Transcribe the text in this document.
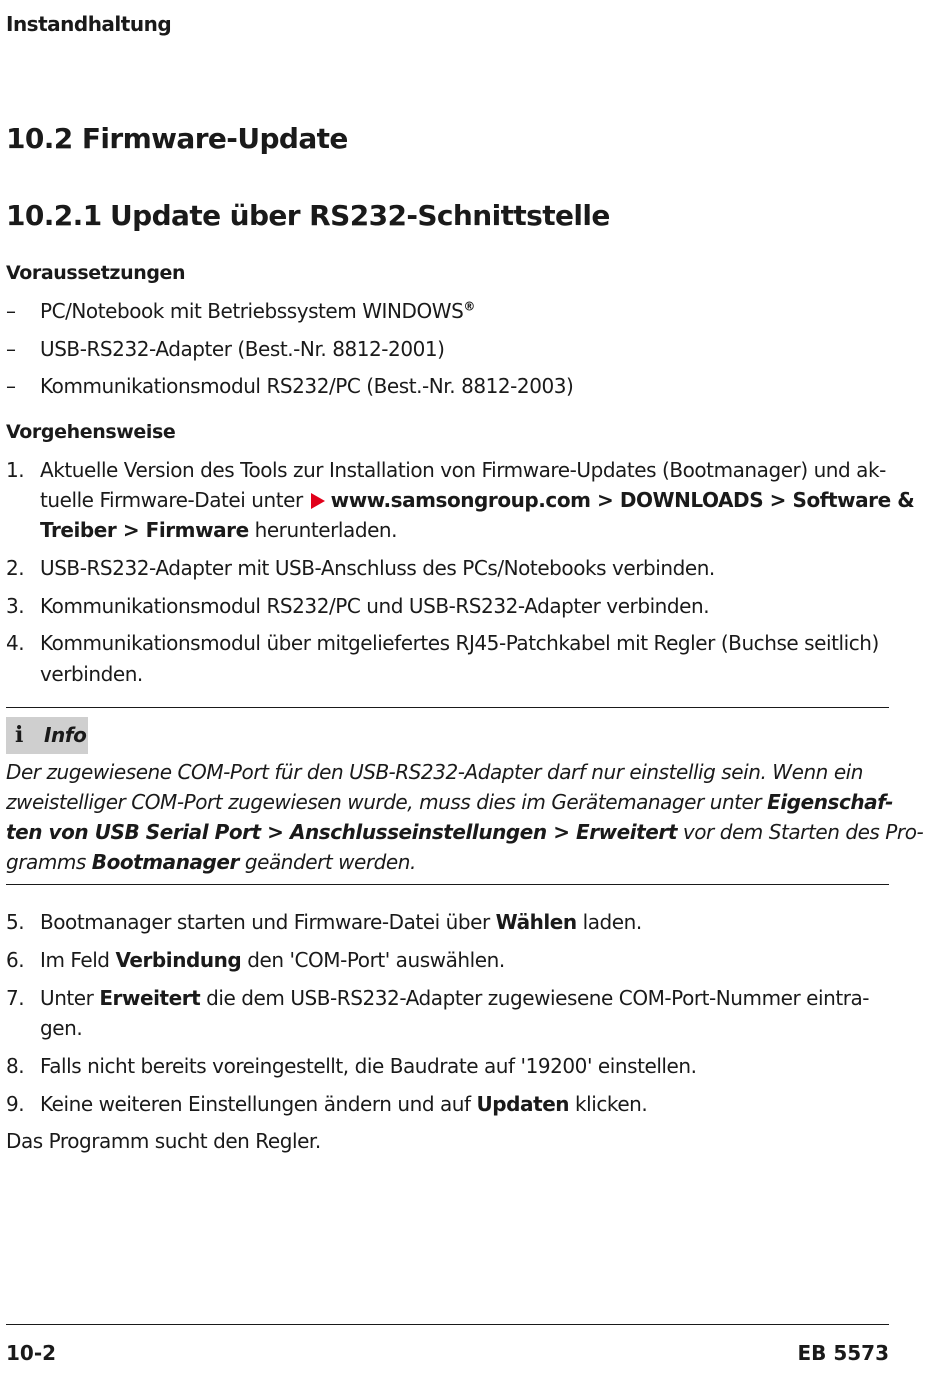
Instandhaltung
10.2 Firmware-Update
10.2.1 Update über RS232-Schnittstelle
Voraussetzungen
– PC/Notebook mit Betriebssystem WINDOWS®
– USB-RS232-Adapter (Best.-Nr. 8812-2001)
– Kommunikationsmodul RS232/PC (Best.-Nr. 8812-2003)
Vorgehensweise
1. Aktuelle Version des Tools zur Installation von Firmware-Updates (Bootmanager) und ak-
tuelle Firmware-Datei unter www.samsongroup.com > DOWNLOADS > Software &
Treiber > Firmware herunterladen.
2. USB-RS232-Adapter mit USB-Anschluss des PCs/Notebooks verbinden.
3. Kommunikationsmodul RS232/PC und USB-RS232-Adapter verbinden.
4. Kommunikationsmodul über mitgeliefertes RJ45-Patchkabel mit Regler (Buchse seitlich)
verbinden.
i Info
Der zugewiesene COM-Port für den USB-RS232-Adapter darf nur einstellig sein. Wenn ein
zweistelliger COM-Port zugewiesen wurde, muss dies im Gerätemanager unter Eigenschaf-
ten von USB Serial Port > Anschlusseinstellungen > Erweitert vor dem Starten des Pro-
gramms Bootmanager geändert werden.
5. Bootmanager starten und Firmware-Datei über Wählen laden.
6. Im Feld Verbindung den 'COM-Port' auswählen.
7. Unter Erweitert die dem USB-RS232-Adapter zugewiesene COM-Port-Nummer eintra-
gen.
8. Falls nicht bereits voreingestellt, die Baudrate auf '19200' einstellen.
9. Keine weiteren Einstellungen ändern und auf Updaten klicken.
Das Programm sucht den Regler.
10-2	EB 5573
